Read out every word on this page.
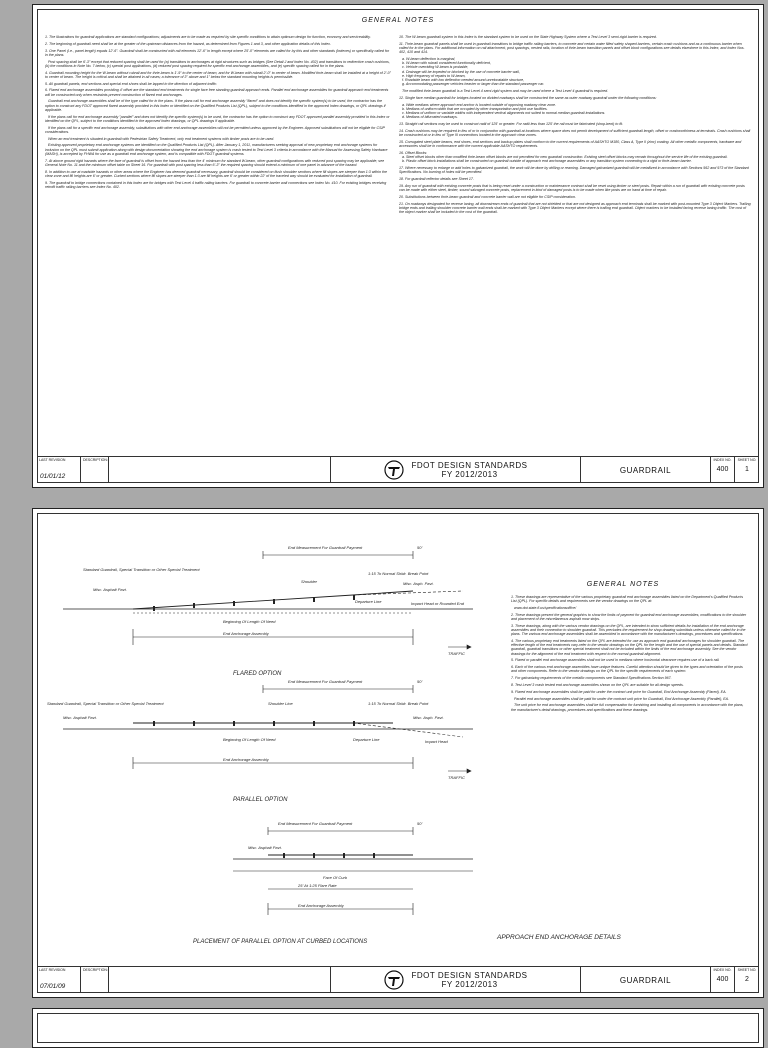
GENERAL NOTES

1. The illustrations for guardrail applications are standard configurations; adjustments are to be made as required by site specific conditions to attain optimum design for function, economy and serviceability.

2. The beginning of guardrail need shall be at the greater of the upstream distances from the hazard, as determined from Figures 1 and 3, and other application details of this Index.

3. One Panel (i.e., panel length) equals 12'-6". Guardrail shall be constructed with rail elements 12'-6" in length except where 25'-0" elements are called for by this and other standards (Indexes) or specifically called for in the plans.

Post spacing shall be 6'-3" except that reduced spacing shall be used for (a) transitions to anchorages at rigid structures such as bridges (See Detail J and Index No. 402) and transitions to redirective crash cushions, (b) the conditions in Note No. 7 below, (c) special post applications, (d) reduced post spacing required for specific end anchorage assemblies, and (e) specific spacing called for in the plans.

4. Guardrail mounting height for the W-beam without rubrail and for thrie-beam is 1'-9" to the center of beam, and for W-beam with rubrail 2'-0" to center of beam. Modified thrie-beam shall be installed at a height of 2'-0" to center of beam. The height is critical and shall be attained in all cases; a tolerance of 3" above and 1" below the standard mounting heights is permissible.

5. All guardrail panels, end sections and special end shoes shall be lapped in the direction of adjacent traffic.

6. Flared end anchorage assemblies providing 4' offset are the standard end treatments for single face free standing guardrail approach ends. Parallel end anchorage assemblies for guardrail approach end treatments will be constructed only when restraints prevent construction of flared end anchorages.

Guardrail end anchorage assemblies shall be of the type called for in the plans. If the plans call for end anchorage assembly "flared" and does not identify the specific system(s) to be used, the contractor has the option to construct any FDOT approved flared assembly provided in this Index or identified on the Qualified Products List (QPL), subject to the conditions identified in the approved Index drawings, or QPL drawings if applicable.

If the plans call for end anchorage assembly "parallel" and does not identify the specific system(s) to be used, the contractor has the option to construct any FDOT approved parallel assembly provided in this Index or identified on the QPL, subject to the conditions identified in the approved Index drawings, or QPL drawings if applicable.

If the plans call for a specific end anchorage assembly, substitutions with other end anchorage assemblies will not be permitted unless approved by the Engineer. Approved substitutions will not be eligible for CSIP considerations.

When an end treatment is situated in guardrail with Pedestrian Safety Treatment, only end treatment systems with timber posts are to be used.

Existing approved proprietary end anchorage systems are identified on the Qualified Products List (QPL). After January 1, 2011, manufacturers seeking approval of new proprietary end anchorage systems for inclusion on the QPL must submit application along with design documentation showing the end anchorage system is crash tested to Test Level 3 criteria in accordance with the Manual for Assessing Safety Hardware (MASH), is accepted by FHWA for use as a guardrail end anchorage system, and is compatible with FDOT guardrail systems.

7. At above ground rigid hazards where the face of guardrail is offset from the hazard less than the 4' minimum for standard W-beam, other guardrail configurations with reduced post spacing may be applicable; see General Note No. 11 and the minimum offset table on Sheet 16. For guardrail with post spacing less than 6'-3" the required spacing should extend a minimum of one panel in advance of the hazard.

8. In addition to use at roadside hazards or other areas where the Engineer has deemed guardrail necessary, guardrail should be considered on flush shoulder sections where fill slopes are steeper than 1:3 within the clear zone and fill heights are 6' or greater. Curbed sections where fill slopes are steeper than 1:3 are fill heights are 6' or greater within 22' of the traveled way should be evaluated for installation of guardrail.

9. The guardrail to bridge connections contained in this Index are for bridges with Test Level 4 traffic railing barriers. For guardrail to concrete barrier wall connections see Index No. 410. For existing bridges receiving retrofit traffic railing barriers see Index No. 402.

10. The W-beam guardrail system in this Index is the standard system to be used on the State Highway System where a Test Level 3 semi-rigid barrier is required.

11. Thrie-beam guardrail panels shall be used in guardrail transitions to bridge traffic railing barriers, to concrete and certain water filled safety shaped barriers, certain crash cushions and as a continuous barrier when called for in the plans. For additional information on rail attachment, post spacings, nested rails, location of thrie-beam transition panels and offset block configurations see details elsewhere in this Index, and Index Nos. 402, 410 and 414.

a. W-beam deflection is marginal,
b. W-beam with rubrail considered functionally deficient,
c. Vehicle overriding W-beam is probable,
d. Drainage will be impeded or blocked by the use of concrete barrier wall,
e. High frequency of repairs to W-beam,
f. Roadside beam with low deflection needed around unrelocatable structure,
g. Accommodating passenger vehicles heavier or larger than the standard passenger car.

The modified thrie-beam guardrail is a Test Level 4 semi-rigid system and may be used where a Test Level 4 guardrail is required.

12. Single face median guardrail for bridges located on divided roadways shall be constructed the same as outer roadway guardrail under the following conditions:

a. Wide medians where approach end anchor is located outside of opposing roadway clear zone.
b. Medians of uniform width that are occupied by other transportation and joint use facilities.
c. Medians of uniform or variable widths with independent vertical alignments not suited to normal median guardrail installations.
d. Medians of bifurcated roadways.

13. Straight rail sections may be used to construct radii of 125' or greater. For radii less than 125' the rail must be fabricated (shop-bent) to fit.

14. Crash cushions may be required in lieu of or in conjunction with guardrail at locations where space does not permit development of sufficient guardrail length, offset or crashworthiness at terminals. Crash cushions shall be constructed at or in lieu of Type III connections located in the approach clear zones.

15. Corrugated steel plate beams, end shoes, end sections and backup plates shall conform to the current requirements of AASHTO M180, Class A, Type II (zinc) coating. All other metallic components, hardware and accessories shall be in conformance with the current applicable AASHTO requirements.

16. Offset Blocks:
a. Steel offset blocks other than modified thrie-beam offset blocks are not permitted for new guardrail construction. Existing steel offset blocks may remain throughout the service life of the existing guardrail.
b. Plastic offset block installations shall be constructed on guardrail outside of approach end anchorage assemblies or any transition system connecting to a rigid or thrie-beam barrier.

17. Where necessary to enlarge or add holes to galvanized guardrail, the work will be done by drilling or reaming. Damaged galvanized guardrail will be metallized in accordance with Sections 562 and 973 of the Standard Specifications. No burning of holes will be permitted.

18. For guardrail reflector details see Sheet 17.

19. Any run of guardrail with existing concrete posts that is being reset under a construction or maintenance contract shall be reset using timber or steel posts. Repair within a run of guardrail with existing concrete posts can be made with either steel, timber, sound salvaged concrete posts, replacement in kind of damaged posts is to be made when like posts are on hand at time of repair.

20. Substitutions between thrie-beam guardrail and concrete barrier wall are not eligible for CSIP consideration.

21. On roadways designated for reverse laning, all downstream ends of guardrail that are not shielded or that are not designed as approach end terminals shall be marked with post-mounted Type 3 Object Markers. Trailing bridge ends and trailing shoulder concrete barrier wall ends shall be marked with Type 3 Object Markers except where there is trailing end guardrail. Object markers to be installed facing reverse laning traffic. The cost of the object marker shall be included in the cost of the guardrail.

LAST REVISION
01/01/12
DESCRIPTION:
FDOT DESIGN STANDARDS
FY 2012/2013	GUARDRAIL
INDEX NO.
400
SHEET NO.
1
End Measurement For Guardrail Payment	50'
Standard Guardrail, Special Transition or Other Special Treatment
Shoulder
Misc. Asphalt Pavt.
1:15 To Normal Shldr. Break Point
Misc. Asph. Pavt.
Impact Head or Rounded End
Departure Line
Beginning Of Length Of Need
End Anchorage Assembly
TRAFFIC
FLARED OPTION
End Measurement For Guardrail Payment	50'
Standard Guardrail, Special Transition or Other Special Treatment	Shoulder Line	1:15 To Normal Shldr. Break Point
Misc. Asphalt Pavt.	Misc. Asph. Pavt.
Impact Head
Departure Line
Beginning Of Length Of Need
End Anchorage Assembly
TRAFFIC
PARALLEL OPTION
End Measurement For Guardrail Payment	50'
Misc. Asphalt Pavt.
Face Of Curb
25' At 1:25 Flare Rate
End Anchorage Assembly
PLACEMENT OF PARALLEL OPTION AT CURBED LOCATIONS
APPROACH END ANCHORAGE DETAILS
GENERAL NOTES

1. These drawings are representative of the various proprietary guardrail end anchorage assemblies listed on the Department's Qualified Products List (QPL). For specific details and requirements see the vendor drawings on the QPL at:

www.dot.state.fl.us/specificationsoffice/

2. These drawings present the general graphics to show the limits of payment for guardrail end anchorage assemblies, modifications to the shoulder and placement of the miscellaneous asphalt mow strips.

3. These drawings, along with the various vendor drawings on the QPL, are intended to show sufficient details for installation of the end anchorage assemblies and their connection to shoulder guardrail. This precludes the requirement for shop drawing submittals unless otherwise called for in the plans. The various end anchorage assemblies shall be assembled in accordance with the manufacturer's drawings, procedures and specifications.

4. The various proprietary end treatments listed on the QPL are intended for use as approach end guardrail anchorages for shoulder guardrail. The effective length of the end treatments vary-refer to the vendor drawings on the QPL for the length and the use of special panels and details. Standard guardrail, guardrail transitions or other special treatment shall not be included within the limits of the end anchorage assembly. See the vendor drawings for the alignment of the end treatment with respect to the normal guardrail alignment.

5. Flared or parallel end anchorage assemblies shall not be used in medians where horizontal clearance requires use of a back rail.

6. Each of the various end anchorage assemblies have unique features. Careful attention should be given to the types and orientation of the posts and other components. Refer to the vendor drawings on the QPL for the specific requirements of each system.

7. For galvanizing requirements of the metallic components see Standard Specifications Section 967.

8. Test Level 3 crash tested end anchorage assemblies shown on the QPL are suitable for all design speeds.

9. Flared end anchorage assemblies shall be paid for under the contract unit price for Guardrail, End Anchorage Assembly (Flared), EA.

Parallel end anchorage assemblies shall be paid for under the contract unit price for Guardrail, End Anchorage Assembly (Parallel), EA.

The unit price for end anchorage assemblies shall be full compensation for furnishing and installing all components in accordance with the plans, the manufacturer's detail drawings, procedures and specifications and these drawings.

LAST REVISION
07/01/09
DESCRIPTION:
FDOT DESIGN STANDARDS
FY 2012/2013	GUARDRAIL
INDEX NO.
400
SHEET NO.
2
